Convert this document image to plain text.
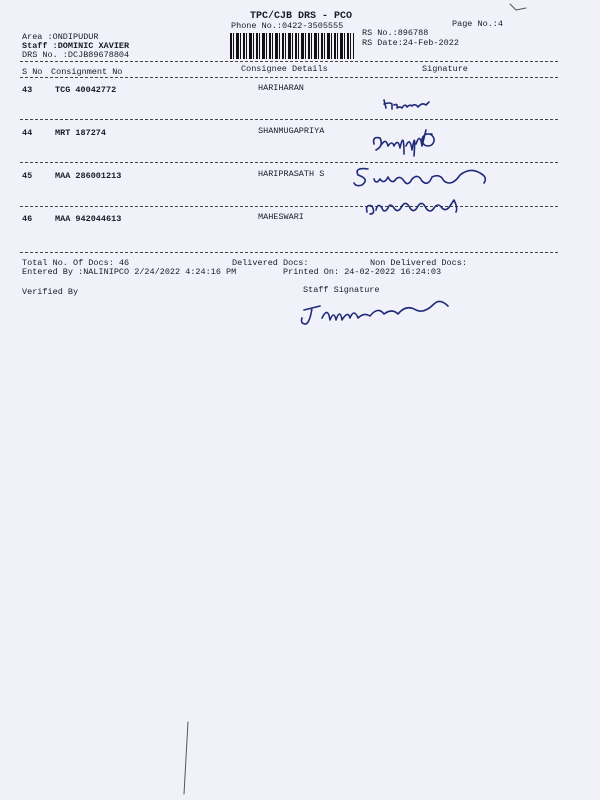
TPC/CJB DRS - PCO
Phone No.:0422-3505555	Page No.:4
RS No.:896788
RS Date:24-Feb-2022
Area :ONDIPUDUR
Staff :DOMINIC XAVIER
DRS No. :DCJB89678804
S No Consignment No	Consignee Details	Signature
43	TCG 40042772	HARIHARAN
44	MRT 187274	SHANMUGAPRIYA
45	MAA 286001213	HARIPRASATH S
46	MAA 942044613	MAHESWARI
Total No. Of Docs: 46	Delivered Docs:	Non Delivered Docs:
Entered By :NALINIPCO 2/24/2022 4:24:16 PM	Printed On: 24-02-2022 16:24:03
Verified By	Staff Signature
